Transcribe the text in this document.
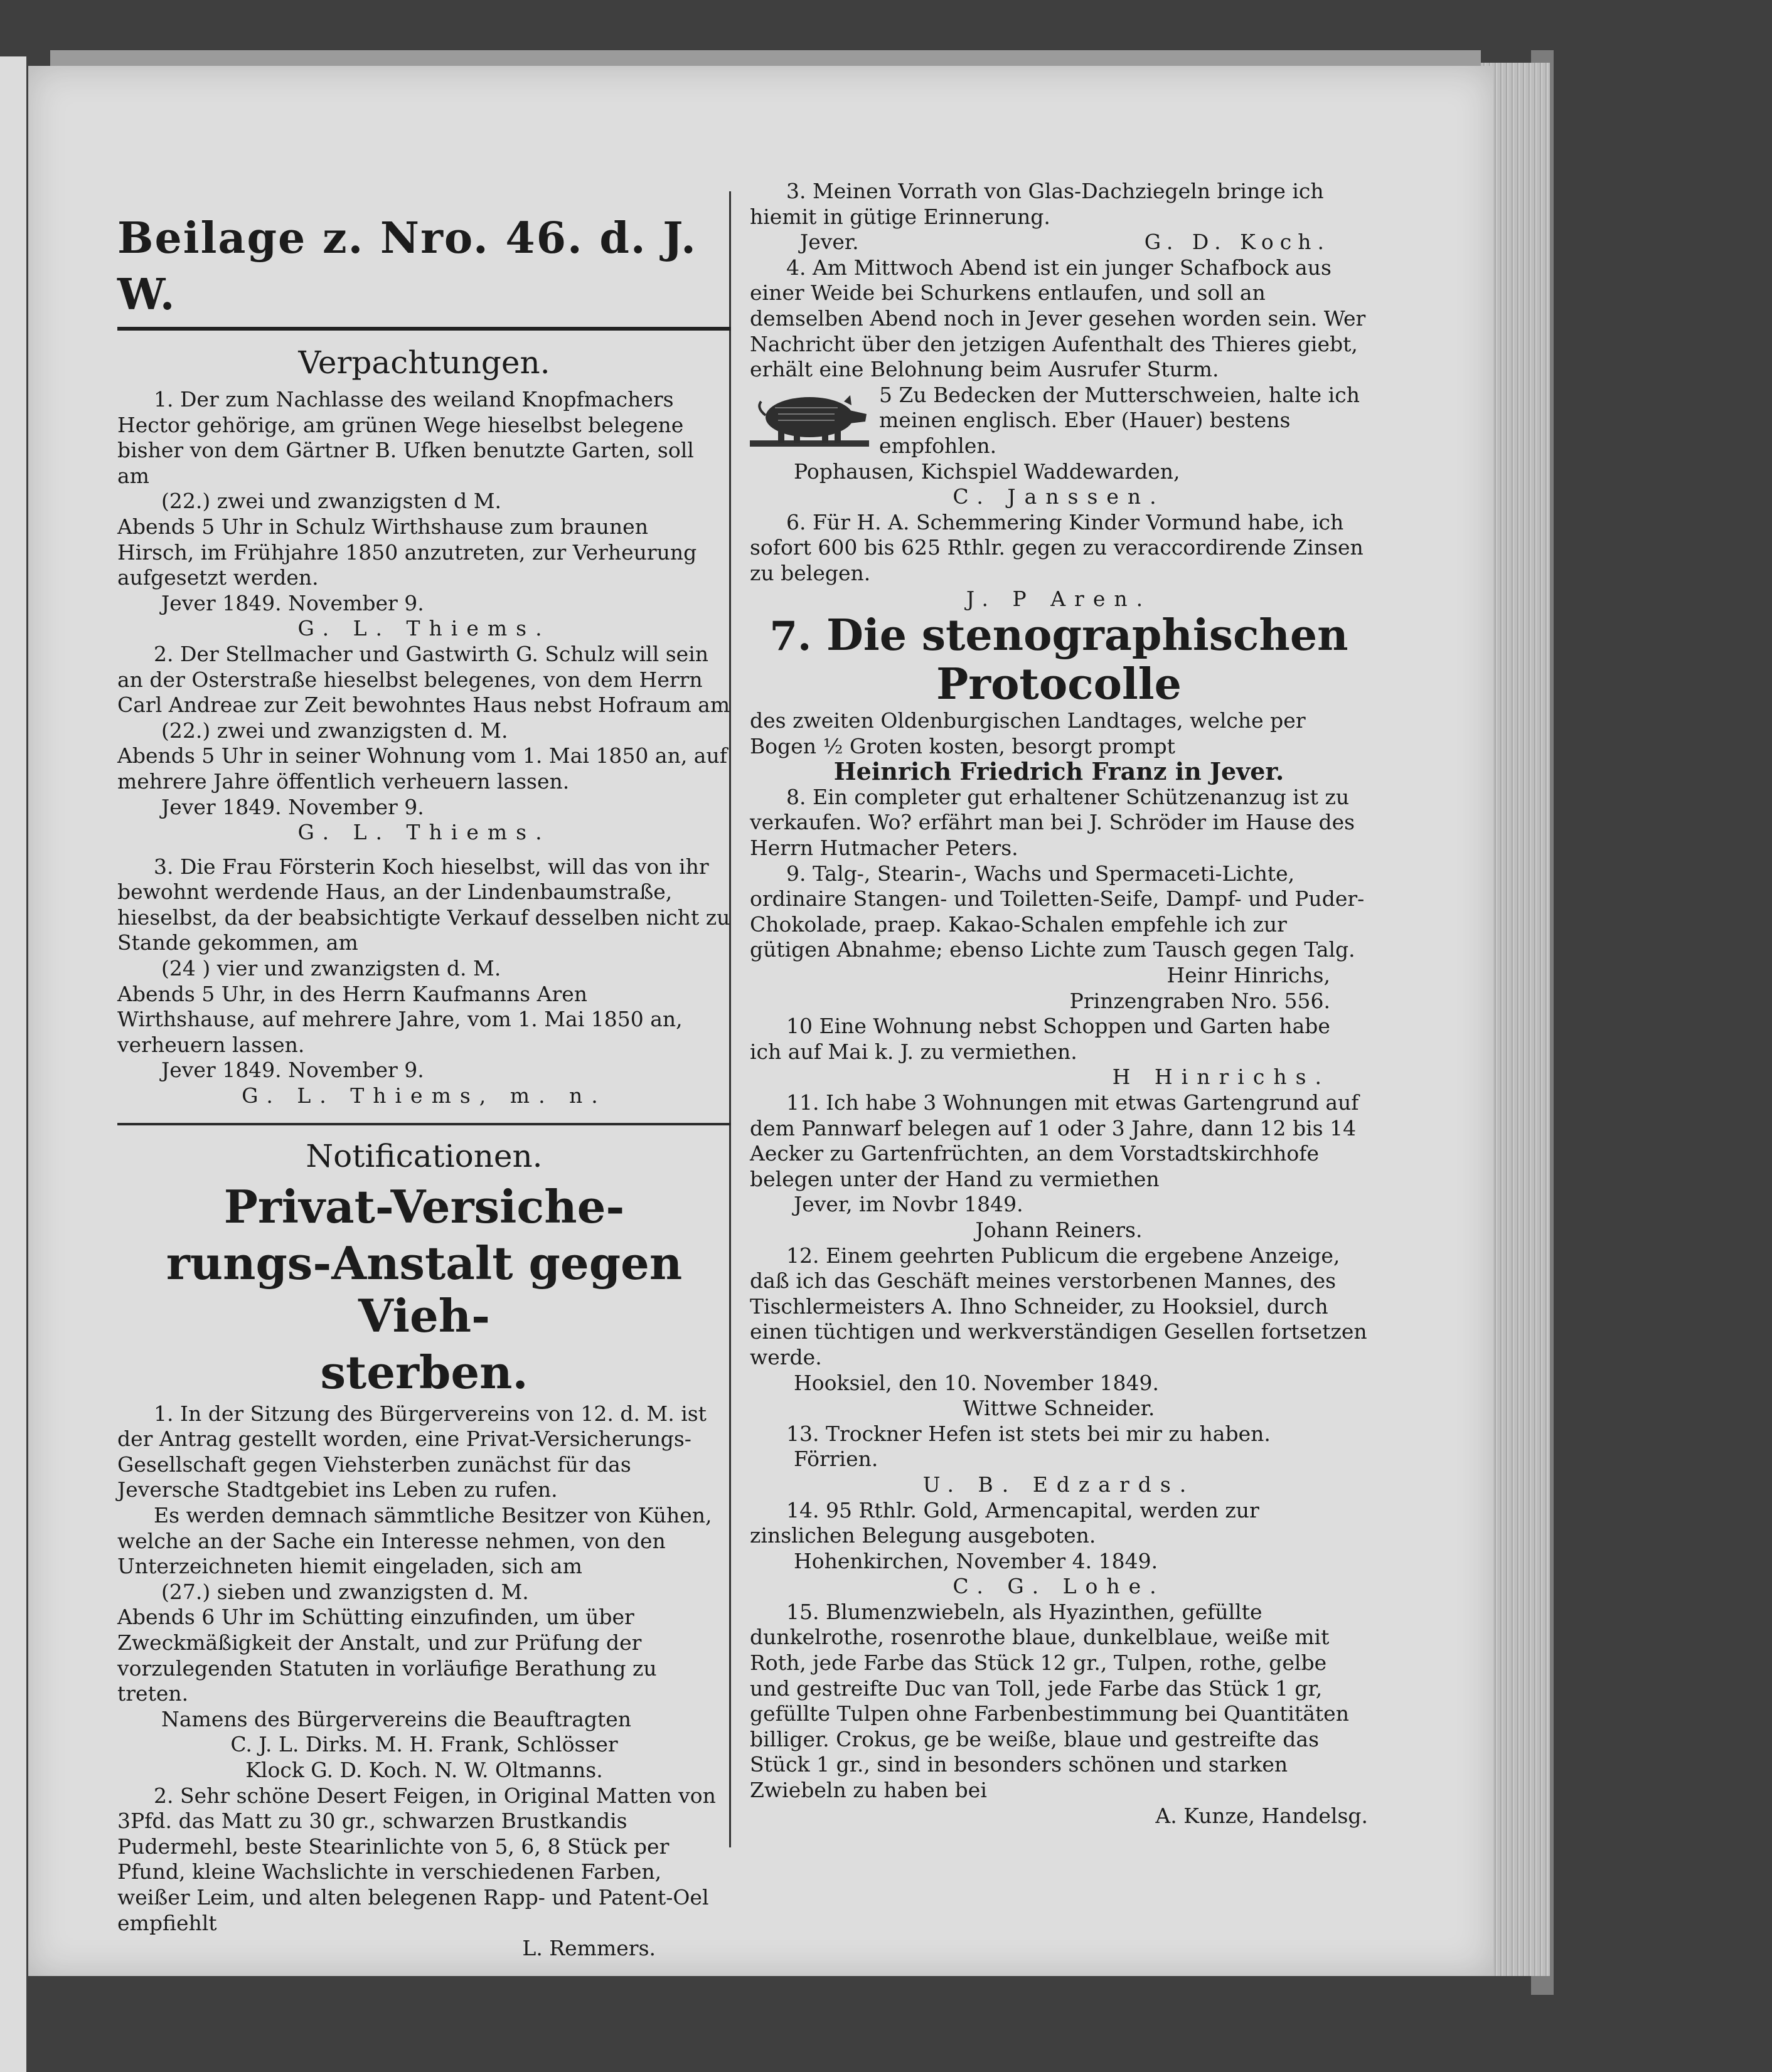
Beilage z. Nro. 46. d. J. W.
Verpachtungen.

1. Der zum Nachlasse des weiland Knopfmachers Hector gehörige, am grünen Wege hieselbst belegene bisher von dem Gärtner B. Ufken benutzte Garten, soll am

(22.) zwei und zwanzigsten d M.

Abends 5 Uhr in Schulz Wirthshause zum braunen Hirsch, im Frühjahre 1850 anzutreten, zur Verheurung aufgesetzt werden.

Jever 1849. November 9.

G. L. Thiems.

2. Der Stellmacher und Gastwirth G. Schulz will sein an der Osterstraße hieselbst belegenes, von dem Herrn Carl Andreae zur Zeit bewohntes Haus nebst Hofraum am

(22.) zwei und zwanzigsten d. M.

Abends 5 Uhr in seiner Wohnung vom 1. Mai 1850 an, auf mehrere Jahre öffentlich verheuern lassen.

Jever 1849. November 9.

G. L. Thiems.

3. Die Frau Försterin Koch hieselbst, will das von ihr bewohnt werdende Haus, an der Lindenbaumstraße, hieselbst, da der beabsichtigte Verkauf desselben nicht zu Stande gekommen, am

(24 ) vier und zwanzigsten d. M.

Abends 5 Uhr, in des Herrn Kaufmanns Aren Wirthshause, auf mehrere Jahre, vom 1. Mai 1850 an, verheuern lassen.

Jever 1849. November 9.

G. L. Thiems, m. n.

Notificationen.
Privat-Versiche-
rungs-Anstalt gegen Vieh-
sterben.

1. In der Sitzung des Bürgervereins von 12. d. M. ist der Antrag gestellt worden, eine Privat-Versicherungs-Gesellschaft gegen Viehsterben zunächst für das Jeversche Stadtgebiet ins Leben zu rufen.

Es werden demnach sämmtliche Besitzer von Kühen, welche an der Sache ein Interesse nehmen, von den Unterzeichneten hiemit eingeladen, sich am

(27.) sieben und zwanzigsten d. M.

Abends 6 Uhr im Schütting einzufinden, um über Zweckmäßigkeit der Anstalt, und zur Prüfung der vorzulegenden Statuten in vorläufige Berathung zu treten.

Namens des Bürgervereins die Beauftragten

C. J. L. Dirks. M. H. Frank, Schlösser

Klock G. D. Koch. N. W. Oltmanns.

2. Sehr schöne Desert Feigen, in Original Matten von 3Pfd. das Matt zu 30 gr., schwarzen Brustkandis Pudermehl, beste Stearinlichte von 5, 6, 8 Stück per Pfund, kleine Wachslichte in verschiedenen Farben, weißer Leim, und alten belegenen Rapp- und Patent-Oel empfiehlt

L. Remmers.

3. Meinen Vorrath von Glas-Dachziegeln bringe ich hiemit in gütige Erinnerung.

Jever.	G. D. Koch.

4. Am Mittwoch Abend ist ein junger Schafbock aus einer Weide bei Schurkens entlaufen, und soll an demselben Abend noch in Jever gesehen worden sein. Wer Nachricht über den jetzigen Aufenthalt des Thieres giebt, erhält eine Belohnung beim Ausrufer Sturm.

5 Zu Bedecken der Mutterschweien, halte ich meinen englisch. Eber (Hauer) bestens empfohlen.

Pophausen, Kichspiel Waddewarden,

C. Janssen.

6. Für H. A. Schemmering Kinder Vormund habe, ich sofort 600 bis 625 Rthlr. gegen zu veraccordirende Zinsen zu belegen.

J. P Aren.

7. Die stenographischen
Protocolle

des zweiten Oldenburgischen Landtages, welche per Bogen ½ Groten kosten, besorgt prompt

Heinrich Friedrich Franz in Jever.

8. Ein completer gut erhaltener Schützenanzug ist zu verkaufen. Wo? erfährt man bei J. Schröder im Hause des Herrn Hutmacher Peters.

9. Talg-, Stearin-, Wachs und Spermaceti-Lichte, ordinaire Stangen- und Toiletten-Seife, Dampf- und Puder-Chokolade, praep. Kakao-Schalen empfehle ich zur gütigen Abnahme; ebenso Lichte zum Tausch gegen Talg.

Heinr Hinrichs,

Prinzengraben Nro. 556.

10 Eine Wohnung nebst Schoppen und Garten habe ich auf Mai k. J. zu vermiethen.

H Hinrichs.

11. Ich habe 3 Wohnungen mit etwas Gartengrund auf dem Pannwarf belegen auf 1 oder 3 Jahre, dann 12 bis 14 Aecker zu Gartenfrüchten, an dem Vorstadtskirchhofe belegen unter der Hand zu vermiethen

Jever, im Novbr 1849.

Johann Reiners.

12. Einem geehrten Publicum die ergebene Anzeige, daß ich das Geschäft meines verstorbenen Mannes, des Tischlermeisters A. Ihno Schneider, zu Hooksiel, durch einen tüchtigen und werkverständigen Gesellen fortsetzen werde.

Hooksiel, den 10. November 1849.

Wittwe Schneider.

13. Trockner Hefen ist stets bei mir zu haben.

Förrien.

U. B. Edzards.

14. 95 Rthlr. Gold, Armencapital, werden zur zinslichen Belegung ausgeboten.

Hohenkirchen, November 4. 1849.

C. G. Lohe.

15. Blumenzwiebeln, als Hyazinthen, gefüllte dunkelrothe, rosenrothe blaue, dunkelblaue, weiße mit Roth, jede Farbe das Stück 12 gr., Tulpen, rothe, gelbe und gestreifte Duc van Toll, jede Farbe das Stück 1 gr, gefüllte Tulpen ohne Farbenbestimmung bei Quantitäten billiger. Crokus, ge be weiße, blaue und gestreifte das Stück 1 gr., sind in besonders schönen und starken Zwiebeln zu haben bei

A. Kunze, Handelsg.
